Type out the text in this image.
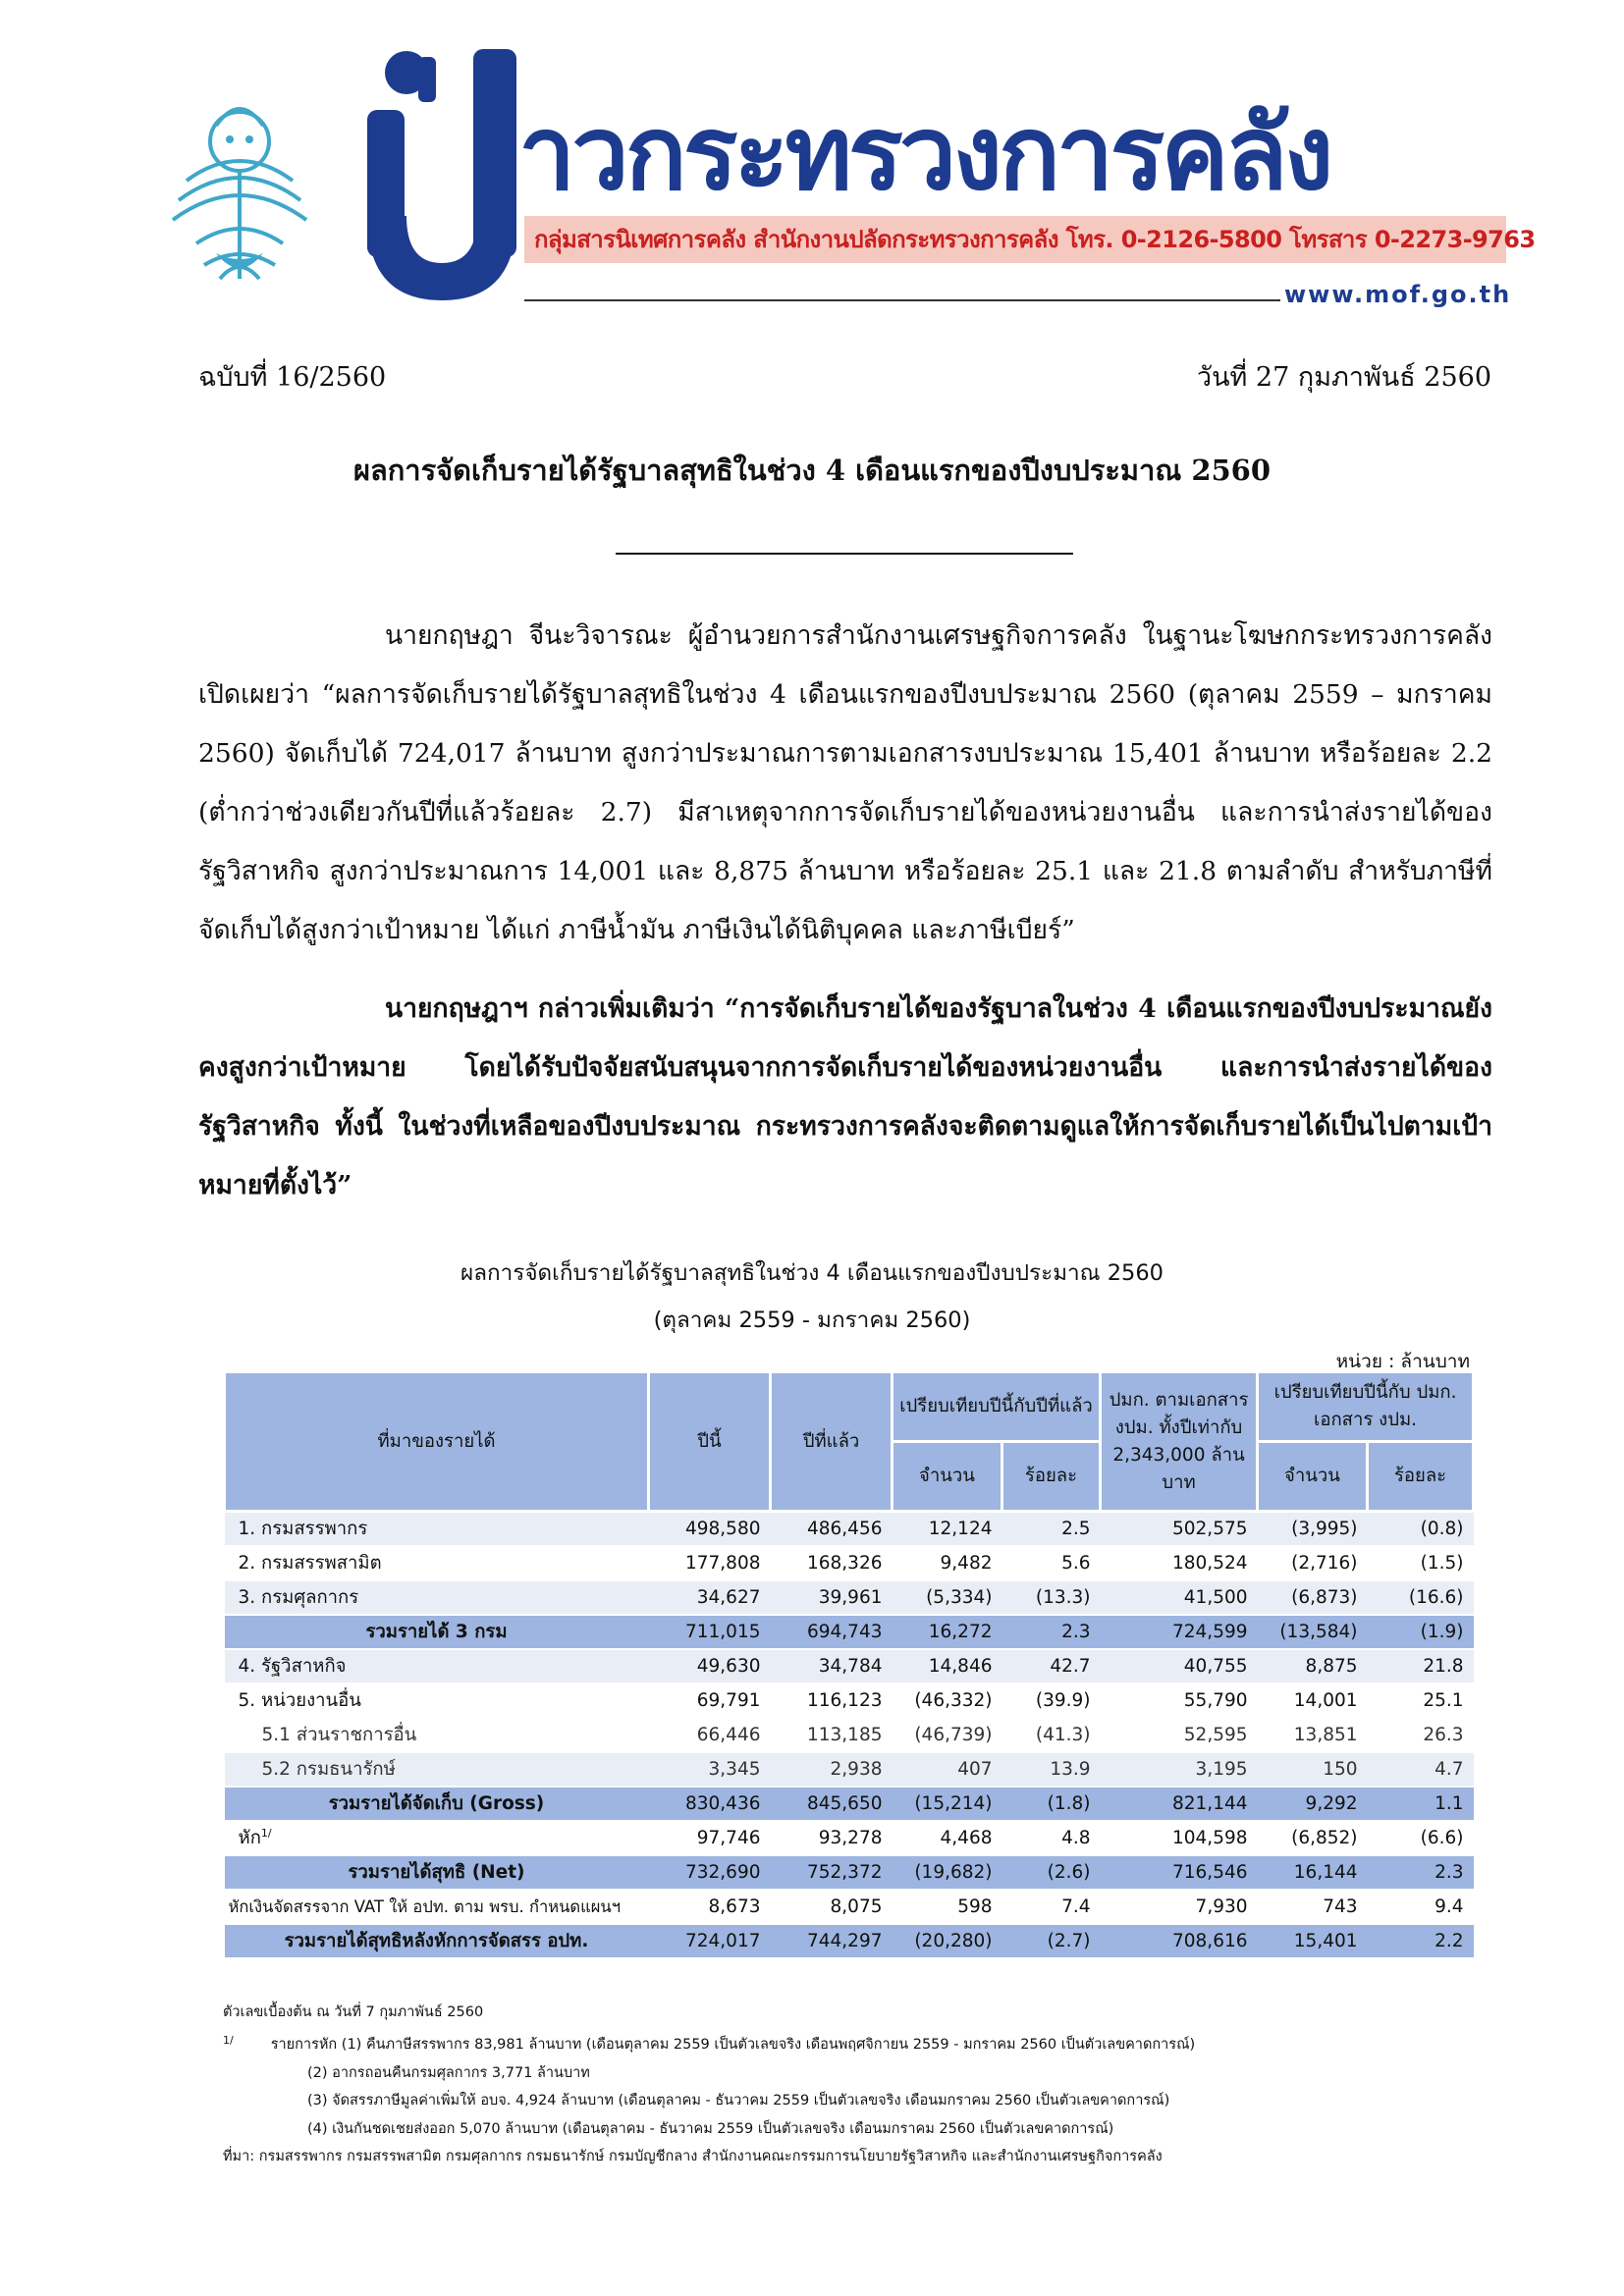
าวกระทรวงการคลัง
กลุ่มสารนิเทศการคลัง สำนักงานปลัดกระทรวงการคลัง โทร. 0-2126-5800 โทรสาร 0-2273-9763
www.mof.go.th
ฉบับที่ 16/2560	วันที่ 27 กุมภาพันธ์ 2560
ผลการจัดเก็บรายได้รัฐบาลสุทธิในช่วง 4 เดือนแรกของปีงบประมาณ 2560
นายกฤษฎา จีนะวิจารณะ ผู้อำนวยการสำนักงานเศรษฐกิจการคลัง ในฐานะโฆษกกระทรวงการคลัง เปิดเผยว่า “ผลการจัดเก็บรายได้รัฐบาลสุทธิในช่วง 4 เดือนแรกของปีงบประมาณ 2560 (ตุลาคม 2559 – มกราคม 2560) จัดเก็บได้ 724,017 ล้านบาท สูงกว่าประมาณการตามเอกสารงบประมาณ 15,401 ล้านบาท หรือร้อยละ 2.2 (ต่ำกว่าช่วงเดียวกันปีที่แล้วร้อยละ 2.7) มีสาเหตุจากการจัดเก็บรายได้ของหน่วยงานอื่น และการนำส่งรายได้ของรัฐวิสาหกิจ สูงกว่าประมาณการ 14,001 และ 8,875 ล้านบาท หรือร้อยละ 25.1 และ 21.8 ตามลำดับ สำหรับภาษีที่จัดเก็บได้สูงกว่าเป้าหมาย ได้แก่ ภาษีน้ำมัน ภาษีเงินได้นิติบุคคล และภาษีเบียร์”
นายกฤษฎาฯ กล่าวเพิ่มเติมว่า “การจัดเก็บรายได้ของรัฐบาลในช่วง 4 เดือนแรกของปีงบประมาณยังคงสูงกว่าเป้าหมาย โดยได้รับปัจจัยสนับสนุนจากการจัดเก็บรายได้ของหน่วยงานอื่น และการนำส่งรายได้ของรัฐวิสาหกิจ ทั้งนี้ ในช่วงที่เหลือของปีงบประมาณ กระทรวงการคลังจะติดตามดูแลให้การจัดเก็บรายได้เป็นไปตามเป้าหมายที่ตั้งไว้”
ผลการจัดเก็บรายได้รัฐบาลสุทธิในช่วง 4 เดือนแรกของปีงบประมาณ 2560
(ตุลาคม 2559 - มกราคม 2560)
หน่วย : ล้านบาท
ที่มาของรายได้	ปีนี้	ปีที่แล้ว	เปรียบเทียบปีนี้กับปีที่แล้ว		ปมก. ตามเอกสาร งปม. ทั้งปีเท่ากับ 2,343,000 ล้านบาท	เปรียบเทียบปีนี้กับ ปมก. เอกสาร งปม.	
			จำนวน	ร้อยละ		จำนวน	ร้อยละ
1. กรมสรรพากร	498,580	486,456	12,124	2.5	502,575	(3,995)	(0.8)
2. กรมสรรพสามิต	177,808	168,326	9,482	5.6	180,524	(2,716)	(1.5)
3. กรมศุลกากร	34,627	39,961	(5,334)	(13.3)	41,500	(6,873)	(16.6)
รวมรายได้ 3 กรม	711,015	694,743	16,272	2.3	724,599	(13,584)	(1.9)
4. รัฐวิสาหกิจ	49,630	34,784	14,846	42.7	40,755	8,875	21.8
5. หน่วยงานอื่น	69,791	116,123	(46,332)	(39.9)	55,790	14,001	25.1
5.1 ส่วนราชการอื่น	66,446	113,185	(46,739)	(41.3)	52,595	13,851	26.3
5.2 กรมธนารักษ์	3,345	2,938	407	13.9	3,195	150	4.7
รวมรายได้จัดเก็บ (Gross)	830,436	845,650	(15,214)	(1.8)	821,144	9,292	1.1
หัก$^{1/}$	97,746	93,278	4,468	4.8	104,598	(6,852)	(6.6)
รวมรายได้สุทธิ (Net)	732,690	752,372	(19,682)	(2.6)	716,546	16,144	2.3
หักเงินจัดสรรจาก VAT ให้ อปท. ตาม พรบ. กำหนดแผนฯ	8,673	8,075	598	7.4	7,930	743	9.4
รวมรายได้สุทธิหลังหักการจัดสรร อปท.	724,017	744,297	(20,280)	(2.7)	708,616	15,401	2.2
ตัวเลขเบื้องต้น ณ วันที่ 7 กุมภาพันธ์ 2560
$^{1/}$	รายการหัก (1) คืนภาษีสรรพากร 83,981 ล้านบาท (เดือนตุลาคม 2559 เป็นตัวเลขจริง เดือนพฤศจิกายน 2559 - มกราคม 2560 เป็นตัวเลขคาดการณ์)
(2) อากรถอนคืนกรมศุลกากร 3,771 ล้านบาท
(3) จัดสรรภาษีมูลค่าเพิ่มให้ อบจ. 4,924 ล้านบาท (เดือนตุลาคม - ธันวาคม 2559 เป็นตัวเลขจริง เดือนมกราคม 2560 เป็นตัวเลขคาดการณ์)
(4) เงินกันชดเชยส่งออก 5,070 ล้านบาท (เดือนตุลาคม - ธันวาคม 2559 เป็นตัวเลขจริง เดือนมกราคม 2560 เป็นตัวเลขคาดการณ์)
ที่มา: กรมสรรพากร กรมสรรพสามิต กรมศุลกากร กรมธนารักษ์ กรมบัญชีกลาง สำนักงานคณะกรรมการนโยบายรัฐวิสาหกิจ และสำนักงานเศรษฐกิจการคลัง
